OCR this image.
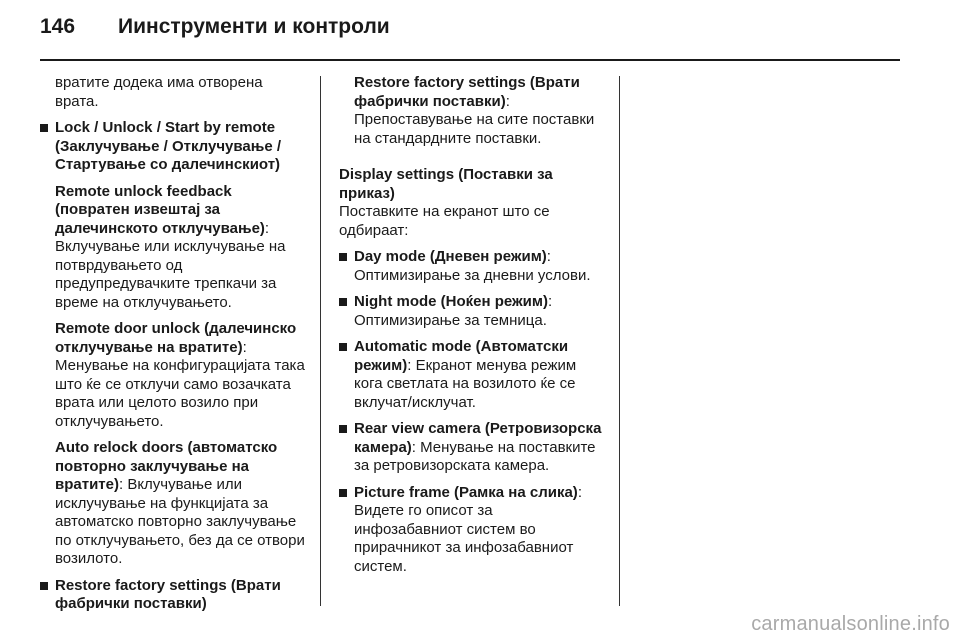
146 Иинструменти и контроли

вратите додека има отворена врата.

Lock / Unlock / Start by remote (Заклучување / Отклучување / Стартување со далечинскиот)

Remote unlock feedback (повратен извештај за далечинското отклучување): Вклучување или исклучување на потврдувањето од предупредувачките трепкачи за време на отклучувањето.

Remote door unlock (далечинско отклучување на вратите): Менување на конфигурацијата така што ќе се отклучи само возачката врата или целото возило при отклучувањето.

Auto relock doors (автоматско повторно заклучување на вратите): Вклучување или исклучување на функцијата за автоматско повторно заклучување по отклучувањето, без да се отвори возилото.

Restore factory settings (Врати фабрички поставки)

Restore factory settings (Врати фабрички поставки): Препоставување на сите поставки на стандардните поставки.

Display settings (Поставки за приказ)

Поставките на екранот што се одбираат:

Day mode (Дневен режим): Оптимизирање за дневни услови.

Night mode (Ноќен режим): Оптимизирање за темница.

Automatic mode (Автоматски режим): Екранот менува режим кога светлата на возилото ќе се вклучат/исклучат.

Rear view camera (Ретровизорска камера): Менување на поставките за ретровизорската камера.

Picture frame (Рамка на слика): Видете го описот за инфозабавниот систем во прирачникот за инфозабавниот систем.

carmanualsonline.info
